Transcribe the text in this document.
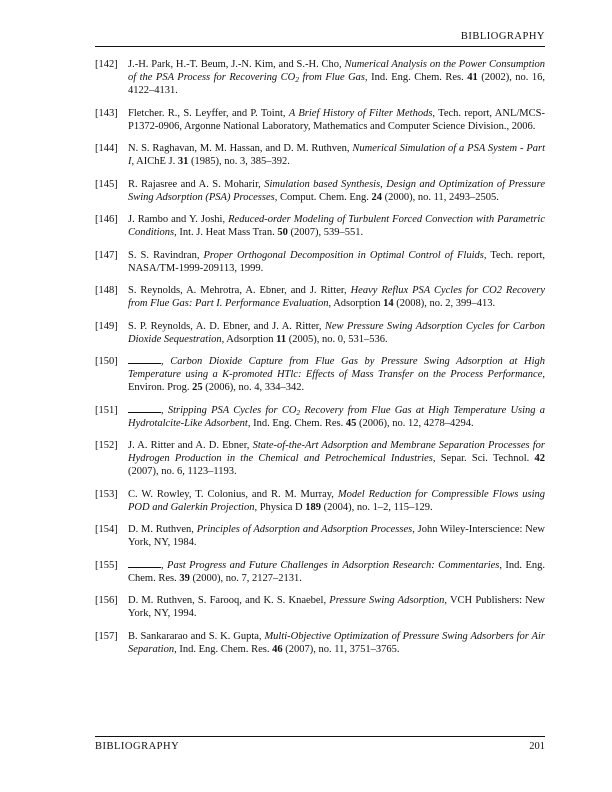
BIBLIOGRAPHY
[142] J.-H. Park, H.-T. Beum, J.-N. Kim, and S.-H. Cho, Numerical Analysis on the Power Consumption of the PSA Process for Recovering $CO_2$ from Flue Gas, Ind. Eng. Chem. Res. 41 (2002), no. 16, 4122–4131.
[143] Fletcher. R., S. Leyffer, and P. Toint, A Brief History of Filter Methods, Tech. report, ANL/MCS-P1372-0906, Argonne National Laboratory, Mathematics and Computer Science Division., 2006.
[144] N. S. Raghavan, M. M. Hassan, and D. M. Ruthven, Numerical Simulation of a PSA System - Part I, AIChE J. 31 (1985), no. 3, 385–392.
[145] R. Rajasree and A. S. Moharir, Simulation based Synthesis, Design and Optimization of Pressure Swing Adsorption (PSA) Processes, Comput. Chem. Eng. 24 (2000), no. 11, 2493–2505.
[146] J. Rambo and Y. Joshi, Reduced-order Modeling of Turbulent Forced Convection with Parametric Conditions, Int. J. Heat Mass Tran. 50 (2007), 539–551.
[147] S. S. Ravindran, Proper Orthogonal Decomposition in Optimal Control of Fluids, Tech. report, NASA/TM-1999-209113, 1999.
[148] S. Reynolds, A. Mehrotra, A. Ebner, and J. Ritter, Heavy Reflux PSA Cycles for CO2 Recovery from Flue Gas: Part I. Performance Evaluation, Adsorption 14 (2008), no. 2, 399–413.
[149] S. P. Reynolds, A. D. Ebner, and J. A. Ritter, New Pressure Swing Adsorption Cycles for Carbon Dioxide Sequestration, Adsorption 11 (2005), no. 0, 531–536.
[150]	, Carbon Dioxide Capture from Flue Gas by Pressure Swing Adsorption at High Temperature using a K-promoted HTlc: Effects of Mass Transfer on the Process Performance, Environ. Prog. 25 (2006), no. 4, 334–342.
[151]	, Stripping PSA Cycles for $CO_2$ Recovery from Flue Gas at High Temperature Using a Hydrotalcite-Like Adsorbent, Ind. Eng. Chem. Res. 45 (2006), no. 12, 4278–4294.
[152] J. A. Ritter and A. D. Ebner, State-of-the-Art Adsorption and Membrane Separation Processes for Hydrogen Production in the Chemical and Petrochemical Industries, Separ. Sci. Technol. 42 (2007), no. 6, 1123–1193.
[153] C. W. Rowley, T. Colonius, and R. M. Murray, Model Reduction for Compressible Flows using POD and Galerkin Projection, Physica D 189 (2004), no. 1–2, 115–129.
[154] D. M. Ruthven, Principles of Adsorption and Adsorption Processes, John Wiley-Interscience: New York, NY, 1984.
[155]	, Past Progress and Future Challenges in Adsorption Research: Commentaries, Ind. Eng. Chem. Res. 39 (2000), no. 7, 2127–2131.
[156] D. M. Ruthven, S. Farooq, and K. S. Knaebel, Pressure Swing Adsorption, VCH Publishers: New York, NY, 1994.
[157] B. Sankararao and S. K. Gupta, Multi-Objective Optimization of Pressure Swing Adsorbers for Air Separation, Ind. Eng. Chem. Res. 46 (2007), no. 11, 3751–3765.
BIBLIOGRAPHY	201
